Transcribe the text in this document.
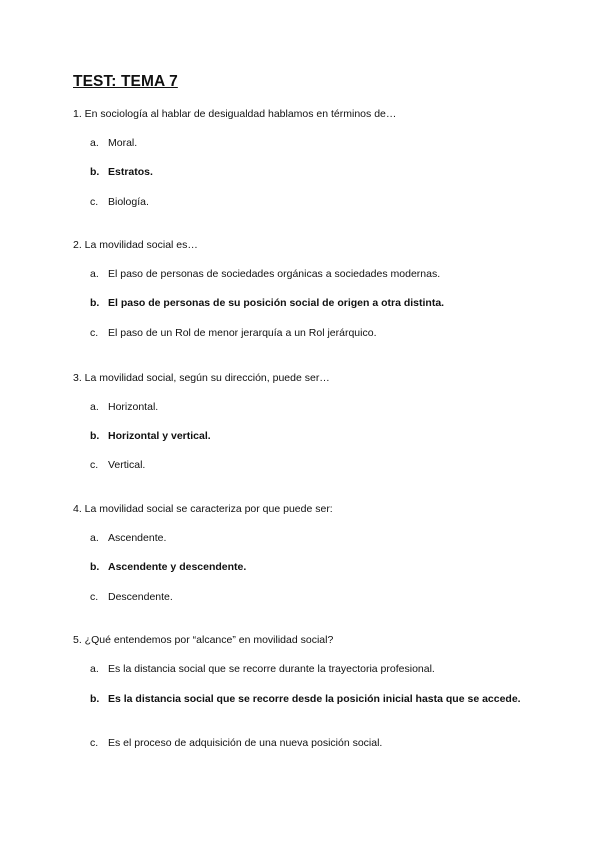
TEST: TEMA 7

1. En sociología al hablar de desigualdad hablamos en términos de…

a. Moral.
b. Estratos.
c. Biología.

2. La movilidad social es…

a. El paso de personas de sociedades orgánicas a sociedades modernas.
b. El paso de personas de su posición social de origen a otra distinta.
c. El paso de un Rol de menor jerarquía a un Rol jerárquico.

3. La movilidad social, según su dirección, puede ser…

a. Horizontal.
b. Horizontal y vertical.
c. Vertical.

4. La movilidad social se caracteriza por que puede ser:

a. Ascendente.
b. Ascendente y descendente.
c. Descendente.

5. ¿Qué entendemos por “alcance” en movilidad social?

a. Es la distancia social que se recorre durante la trayectoria profesional.
b. Es la distancia social que se recorre desde la posición inicial hasta que se accede.
c. Es el proceso de adquisición de una nueva posición social.
